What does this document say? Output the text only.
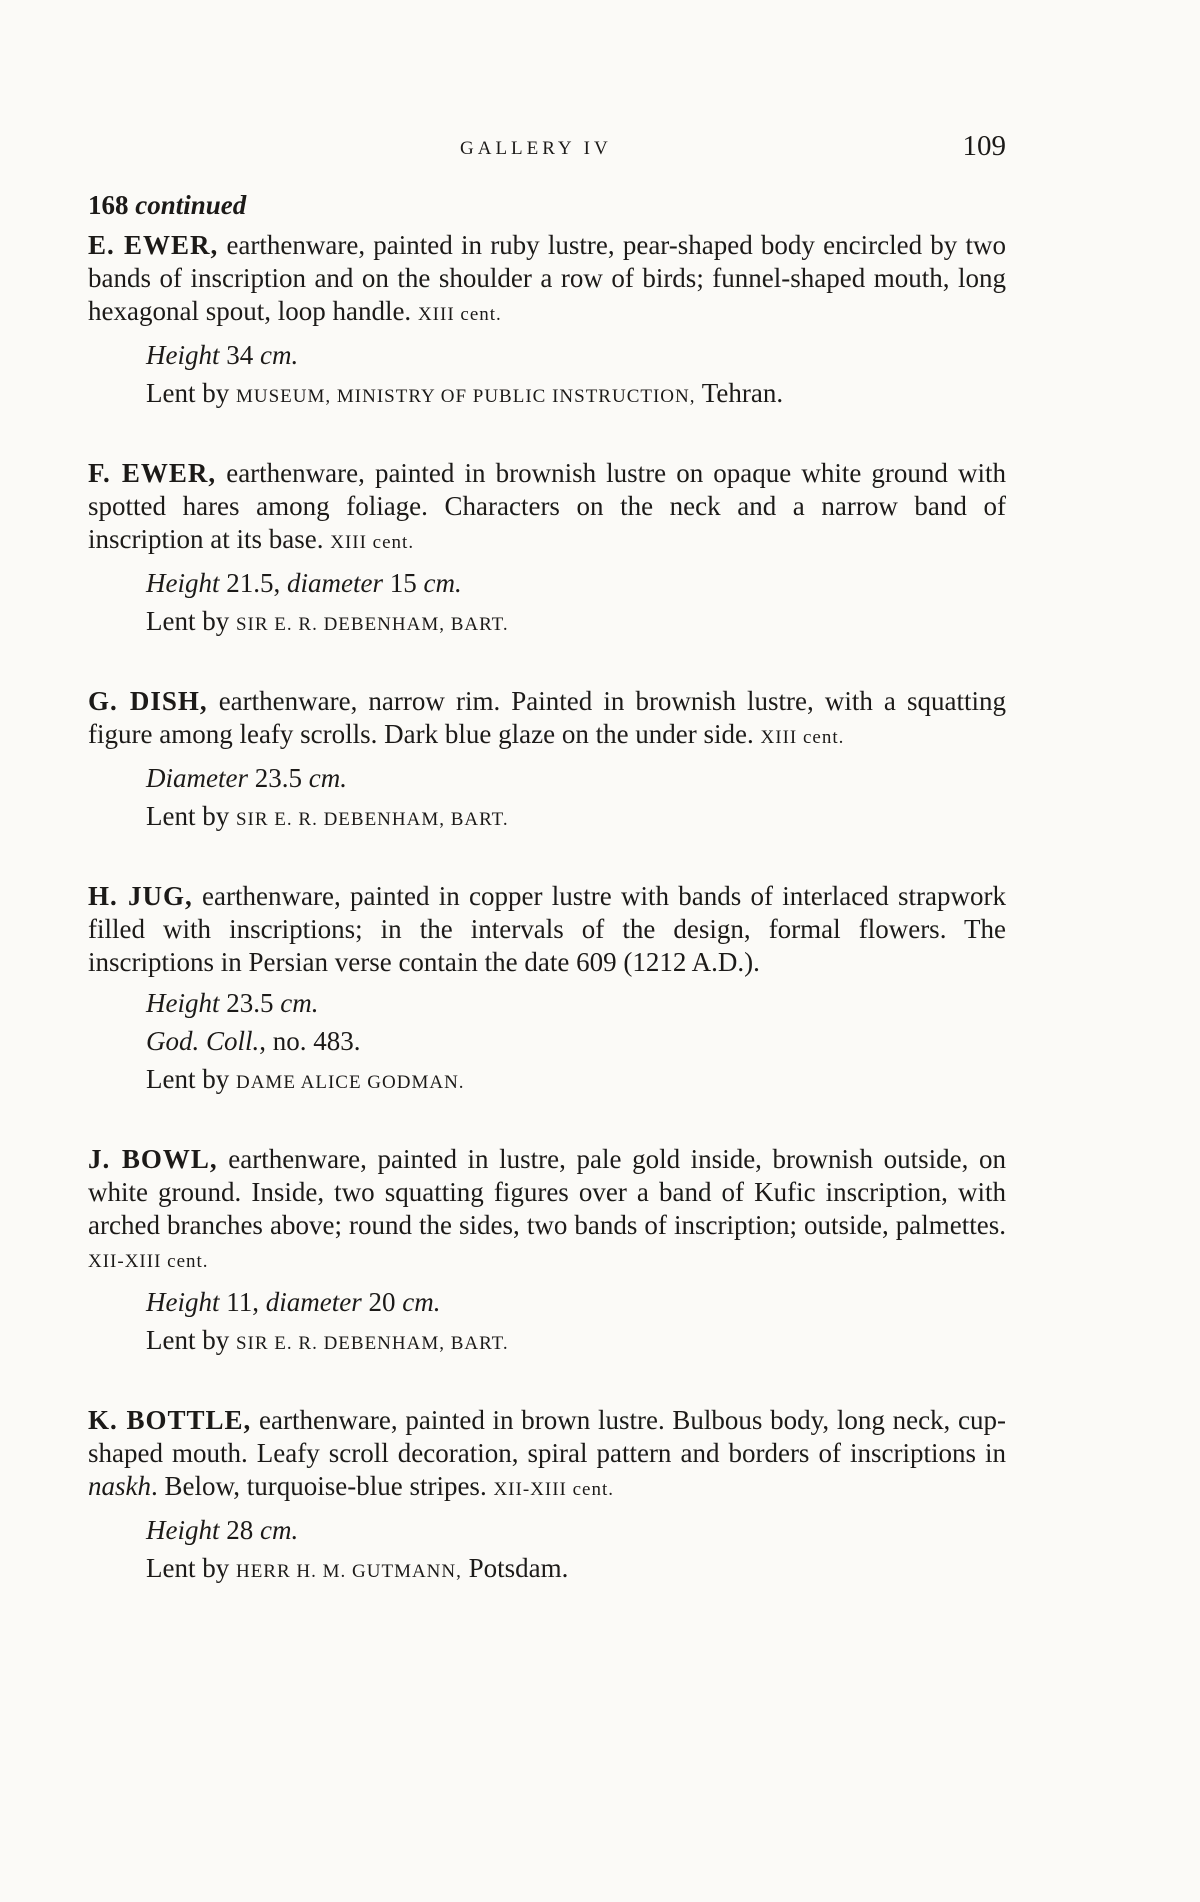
GALLERY IV	109
168 continued
E. EWER, earthenware, painted in ruby lustre, pear-shaped body encircled by two bands of inscription and on the shoulder a row of birds; funnel-shaped mouth, long hexagonal spout, loop handle. XIII cent.
Height 34 cm.
Lent by MUSEUM, MINISTRY OF PUBLIC INSTRUCTION, Tehran.
F. EWER, earthenware, painted in brownish lustre on opaque white ground with spotted hares among foliage. Characters on the neck and a narrow band of inscription at its base. XIII cent.
Height 21.5, diameter 15 cm.
Lent by SIR E. R. DEBENHAM, BART.
G. DISH, earthenware, narrow rim. Painted in brownish lustre, with a squatting figure among leafy scrolls. Dark blue glaze on the under side. XIII cent.
Diameter 23.5 cm.
Lent by SIR E. R. DEBENHAM, BART.
H. JUG, earthenware, painted in copper lustre with bands of interlaced strapwork filled with inscriptions; in the intervals of the design, formal flowers. The inscriptions in Persian verse contain the date 609 (1212 A.D.).
Height 23.5 cm.
God. Coll., no. 483.
Lent by DAME ALICE GODMAN.
J. BOWL, earthenware, painted in lustre, pale gold inside, brownish outside, on white ground. Inside, two squatting figures over a band of Kufic inscription, with arched branches above; round the sides, two bands of inscription; outside, palmettes. XII-XIII cent.
Height 11, diameter 20 cm.
Lent by SIR E. R. DEBENHAM, BART.
K. BOTTLE, earthenware, painted in brown lustre. Bulbous body, long neck, cup-shaped mouth. Leafy scroll decoration, spiral pattern and borders of inscriptions in naskh. Below, turquoise-blue stripes. XII-XIII cent.
Height 28 cm.
Lent by HERR H. M. GUTMANN, Potsdam.
